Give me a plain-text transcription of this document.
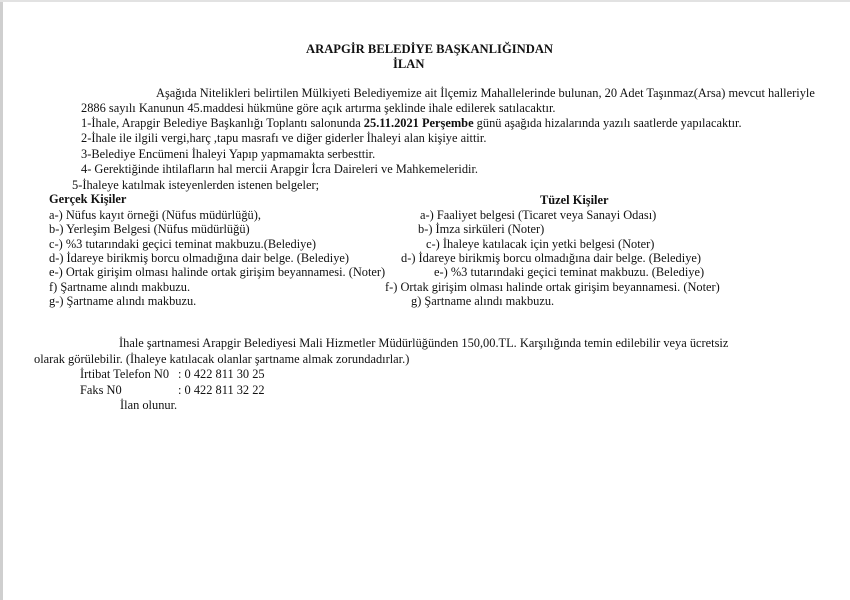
ARAPGİR BELEDİYE BAŞKANLIĞINDAN
İLAN
Aşağıda Nitelikleri belirtilen Mülkiyeti Belediyemize ait İlçemiz Mahallelerinde bulunan, 20 Adet Taşınmaz(Arsa) mevcut halleriyle
2886 sayılı Kanunun 45.maddesi hükmüne göre açık artırma şeklinde ihale edilerek satılacaktır.
1-İhale, Arapgir Belediye Başkanlığı Toplantı salonunda 25.11.2021 Perşembe günü aşağıda hizalarında yazılı saatlerde yapılacaktır.
2-İhale ile ilgili vergi,harç ,tapu masrafı ve diğer giderler İhaleyi alan kişiye aittir.
3-Belediye Encümeni İhaleyi Yapıp yapmamakta serbesttir.
4- Gerektiğinde ihtilafların hal mercii Arapgir İcra Daireleri ve Mahkemeleridir.
5-İhaleye katılmak isteyenlerden istenen belgeler;
Gerçek Kişiler
a-) Nüfus kayıt örneği (Nüfus müdürlüğü),
b-) Yerleşim Belgesi (Nüfus müdürlüğü)
c-) %3 tutarındaki geçici teminat makbuzu.(Belediye)
d-) İdareye birikmiş borcu olmadığına dair belge. (Belediye)
e-) Ortak girişim olması halinde ortak girişim beyannamesi. (Noter)
f) Şartname alındı makbuzu.
g-) Şartname alındı makbuzu.
Tüzel Kişiler
a-) Faaliyet belgesi (Ticaret veya Sanayi Odası)
b-) İmza sirküleri (Noter)
c-) İhaleye katılacak için yetki belgesi (Noter)
d-) İdareye birikmiş borcu olmadığına dair belge. (Belediye)
e-) %3 tutarındaki geçici teminat makbuzu. (Belediye)
f-) Ortak girişim olması halinde ortak girişim beyannamesi. (Noter)
g) Şartname alındı makbuzu.
İhale şartnamesi Arapgir Belediyesi Mali Hizmetler Müdürlüğünden 150,00.TL. Karşılığında temin edilebilir veya ücretsiz
olarak görülebilir. (İhaleye katılacak olanlar şartname almak zorundadırlar.)
İrtibat Telefon N0 : 0 422 811 30 25
Faks N0	: 0 422 811 32 22
İlan olunur.
